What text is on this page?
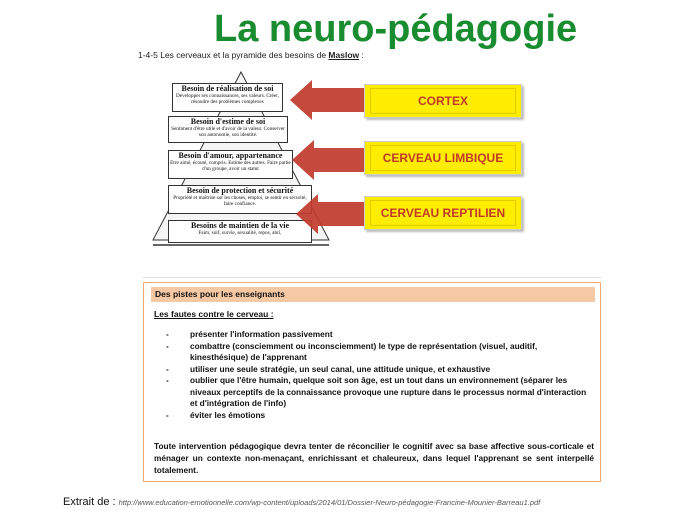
La neuro-pédagogie
1-4-5 Les cerveaux et la pyramide des besoins de Maslow :
Besoin de réalisation de soi
Développer ses connaissances, ses valeurs. Créer, résoudre des problèmes complexes
Besoin d'estime de soi
Sentiment d'être utile et d'avoir de la valeur. Conserver son autonomie, son identité.
Besoin d'amour, appartenance
Etre aimé, écouté, compris. Estime des autres. Faire partie d'un groupe, avoir un statut
Besoin de protection et sécurité
Propriété et maîtrise sur les choses, emploi, se sentir en sécurité, faire confiance.
Besoins de maintien de la vie
Faim, soif, survie, sexualité, repos, abri,
CORTEX
CERVEAU LIMBIQUE
CERVEAU REPTILIEN
Des pistes pour les enseignants
Les fautes contre le cerveau :
- présenter l'information passivement
- combattre (consciemment ou inconsciemment) le type de représentation (visuel, auditif, kinesthésique) de l'apprenant
- utiliser une seule stratégie, un seul canal, une attitude unique, et exhaustive
- oublier que l'être humain, quelque soit son âge, est un tout dans un environnement (séparer les niveaux perceptifs de la connaissance provoque une rupture dans le processus normal d'interaction et d'intégration de l'info)
- éviter les émotions
Toute intervention pédagogique devra tenter de réconcilier le cognitif avec sa base affective sous-corticale et ménager un contexte non-menaçant, enrichissant et chaleureux, dans lequel l'apprenant se sent interpellé totalement.
Extrait de : http://www.education-emotionnelle.com/wp-content/uploads/2014/01/Dossier-Neuro-pédagogie-Francine-Mounier-Barreau1.pdf
